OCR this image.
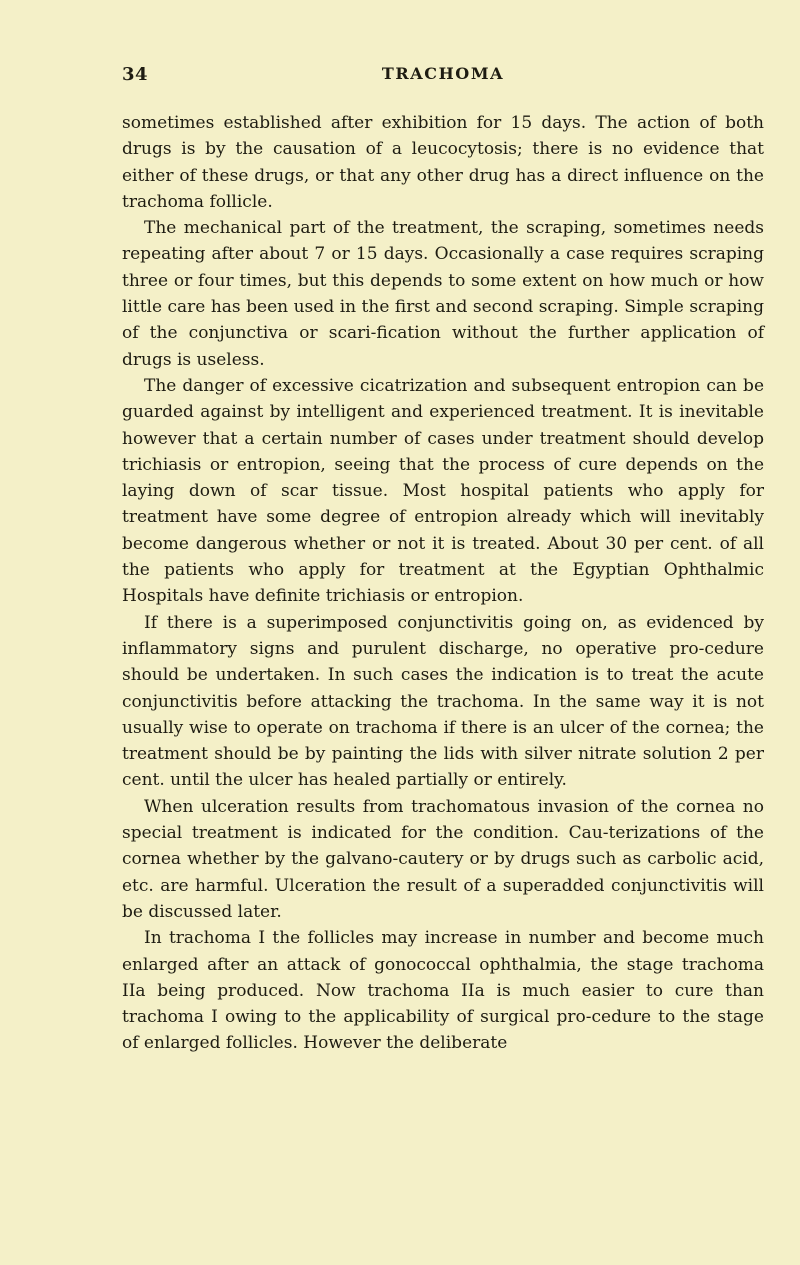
34	TRACHOMA

sometimes established after exhibition for 15 days. The action of both drugs is by the causation of a leucocytosis; there is no evidence that either of these drugs, or that any other drug has a direct influence on the trachoma follicle.

The mechanical part of the treatment, the scraping, sometimes needs repeating after about 7 or 15 days. Occasionally a case requires scraping three or four times, but this depends to some extent on how much or how little care has been used in the first and second scraping. Simple scraping of the conjunctiva or scari-fication without the further application of drugs is useless.

The danger of excessive cicatrization and subsequent entropion can be guarded against by intelligent and experienced treatment. It is inevitable however that a certain number of cases under treatment should develop trichiasis or entropion, seeing that the process of cure depends on the laying down of scar tissue. Most hospital patients who apply for treatment have some degree of entropion already which will inevitably become dangerous whether or not it is treated. About 30 per cent. of all the patients who apply for treatment at the Egyptian Ophthalmic Hospitals have definite trichiasis or entropion.

If there is a superimposed conjunctivitis going on, as evidenced by inflammatory signs and purulent discharge, no operative pro-cedure should be undertaken. In such cases the indication is to treat the acute conjunctivitis before attacking the trachoma. In the same way it is not usually wise to operate on trachoma if there is an ulcer of the cornea; the treatment should be by painting the lids with silver nitrate solution 2 per cent. until the ulcer has healed partially or entirely.

When ulceration results from trachomatous invasion of the cornea no special treatment is indicated for the condition. Cau-terizations of the cornea whether by the galvano-cautery or by drugs such as carbolic acid, etc. are harmful. Ulceration the result of a superadded conjunctivitis will be discussed later.

In trachoma I the follicles may increase in number and become much enlarged after an attack of gonococcal ophthalmia, the stage trachoma IIa being produced. Now trachoma IIa is much easier to cure than trachoma I owing to the applicability of surgical pro-cedure to the stage of enlarged follicles. However the deliberate
